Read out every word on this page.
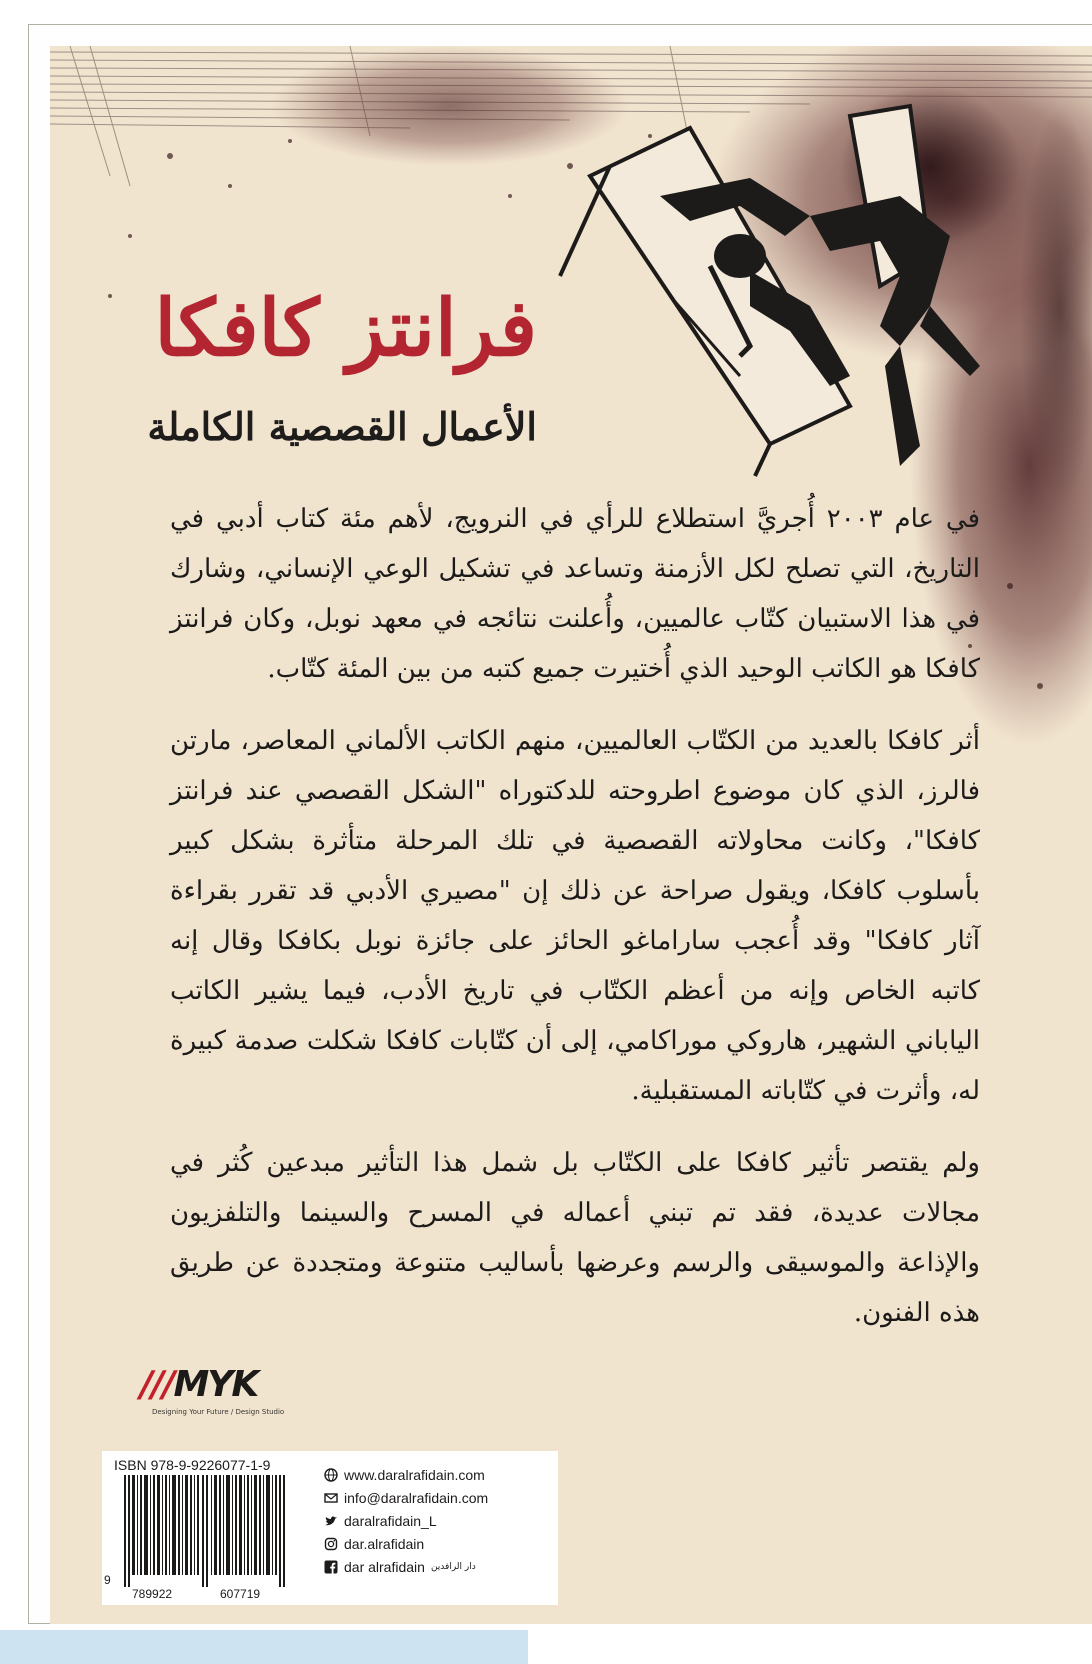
فرانتز كافكا
الأعمال القصصية الكاملة

في عام ٢٠٠٣ أُجريَّ استطلاع للرأي في النرويج، لأهم مئة كتاب أدبي في التاريخ، التي تصلح لكل الأزمنة وتساعد في تشكيل الوعي الإنساني، وشارك في هذا الاستبيان كتّاب عالميين، وأُعلنت نتائجه في معهد نوبل، وكان فرانتز كافكا هو الكاتب الوحيد الذي أُختيرت جميع كتبه من بين المئة كتّاب.

أثر كافكا بالعديد من الكتّاب العالميين، منهم الكاتب الألماني المعاصر، مارتن فالرز، الذي كان موضوع اطروحته للدكتوراه "الشكل القصصي عند فرانتز كافكا"، وكانت محاولاته القصصية في تلك المرحلة متأثرة بشكل كبير بأسلوب كافكا، ويقول صراحة عن ذلك إن "مصيري الأدبي قد تقرر بقراءة آثار كافكا" وقد أُعجب ساراماغو الحائز على جائزة نوبل بكافكا وقال إنه كاتبه الخاص وإنه من أعظم الكتّاب في تاريخ الأدب، فيما يشير الكاتب الياباني الشهير، هاروكي موراكامي، إلى أن كتّابات كافكا شكلت صدمة كبيرة له، وأثرت في كتّاباته المستقبلية.

ولم يقتصر تأثير كافكا على الكتّاب بل شمل هذا التأثير مبدعين كُثر في مجالات عديدة، فقد تم تبني أعماله في المسرح والسينما والتلفزيون والإذاعة والموسيقى والرسم وعرضها بأساليب متنوعة ومتجددة عن طريق هذه الفنون.

///MYK
Designing Your Future / Design Studio
ISBN 978-9-9226077-1-9
9
789922	607719
www.daralrafidain.com
info@daralrafidain.com
daralrafidain_L
dar.alrafidain
dar alrafidain دار الرافدين
